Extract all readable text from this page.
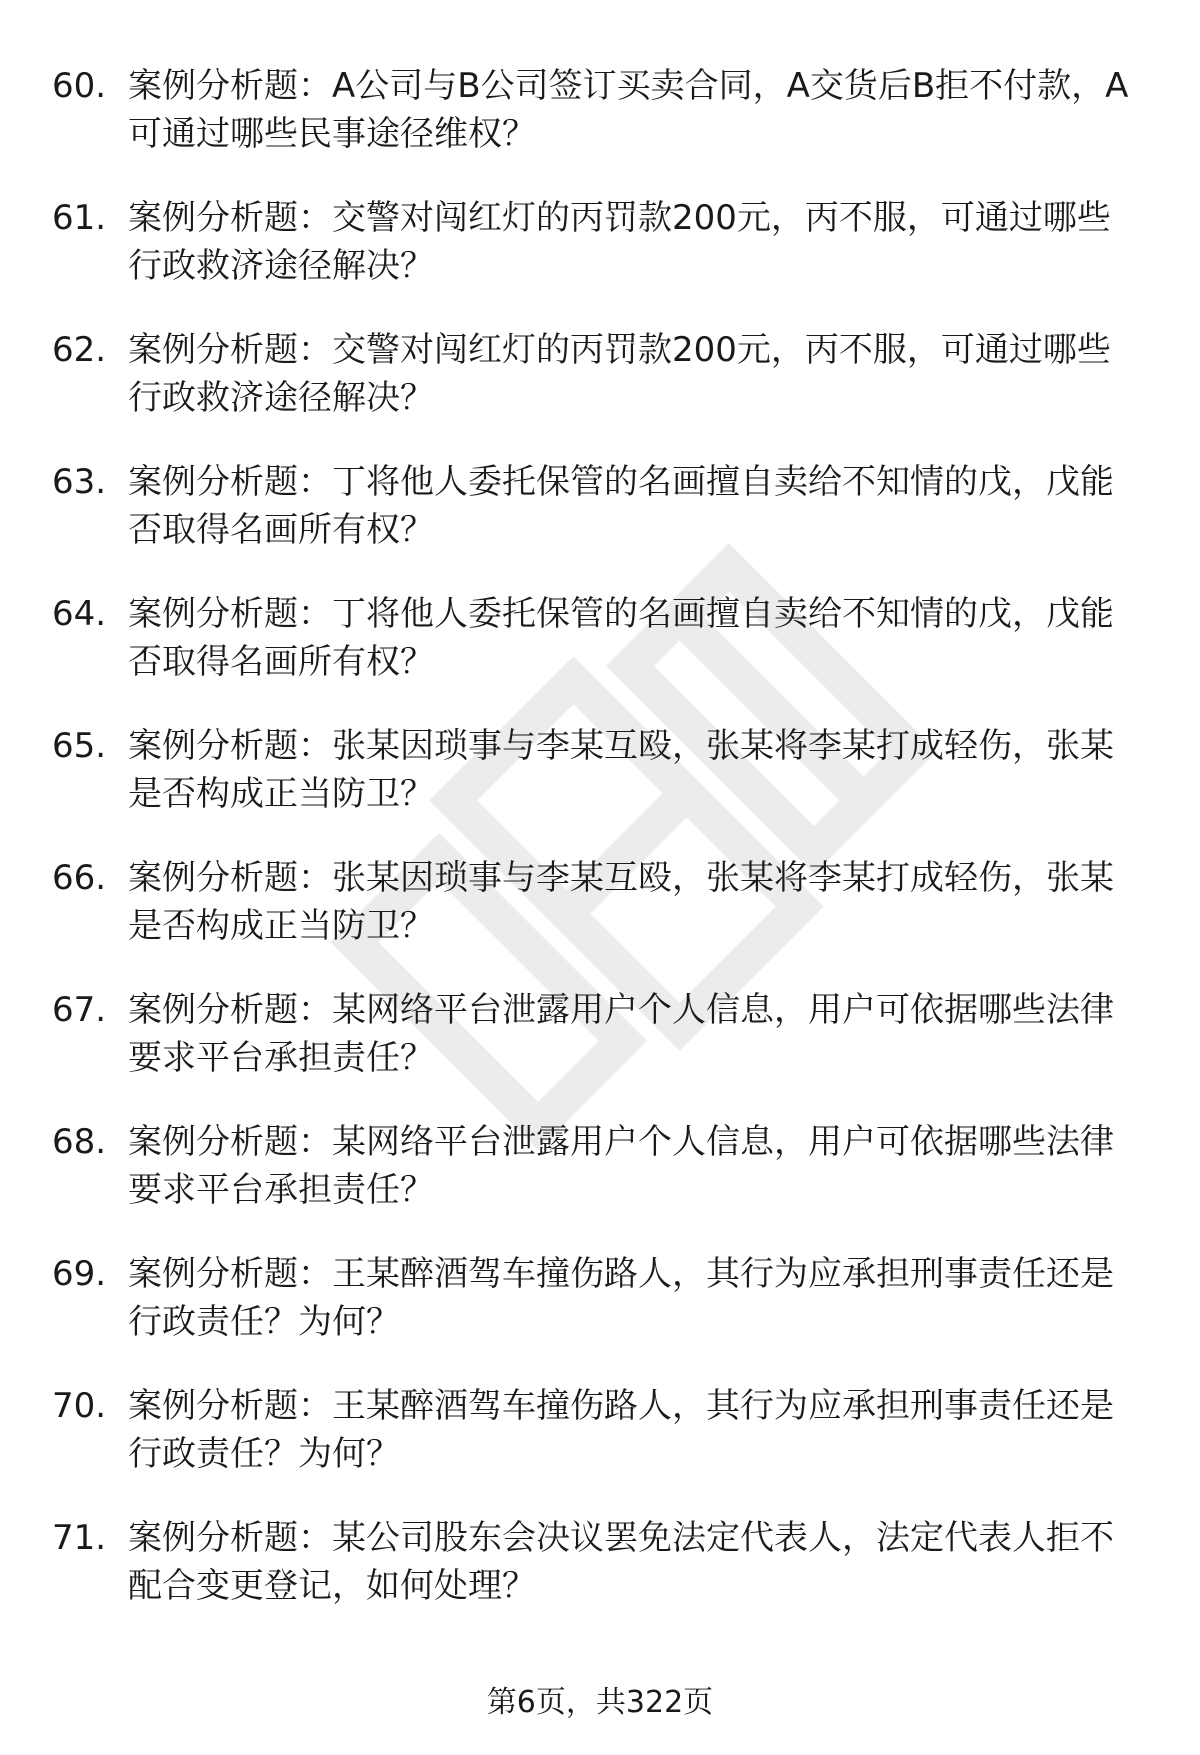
60. 案例分析题：A公司与B公司签订买卖合同，A交货后B拒不付款，A可通过哪些民事途径维权？
61. 案例分析题：交警对闯红灯的丙罚款200元，丙不服，可通过哪些行政救济途径解决？
62. 案例分析题：交警对闯红灯的丙罚款200元，丙不服，可通过哪些行政救济途径解决？
63. 案例分析题：丁将他人委托保管的名画擅自卖给不知情的戊，戊能否取得名画所有权？
64. 案例分析题：丁将他人委托保管的名画擅自卖给不知情的戊，戊能否取得名画所有权？
65. 案例分析题：张某因琐事与李某互殴，张某将李某打成轻伤，张某是否构成正当防卫？
66. 案例分析题：张某因琐事与李某互殴，张某将李某打成轻伤，张某是否构成正当防卫？
67. 案例分析题：某网络平台泄露用户个人信息，用户可依据哪些法律要求平台承担责任？
68. 案例分析题：某网络平台泄露用户个人信息，用户可依据哪些法律要求平台承担责任？
69. 案例分析题：王某醉酒驾车撞伤路人，其行为应承担刑事责任还是行政责任？为何？
70. 案例分析题：王某醉酒驾车撞伤路人，其行为应承担刑事责任还是行政责任？为何？
71. 案例分析题：某公司股东会决议罢免法定代表人，法定代表人拒不配合变更登记，如何处理？
第6页，共322页
